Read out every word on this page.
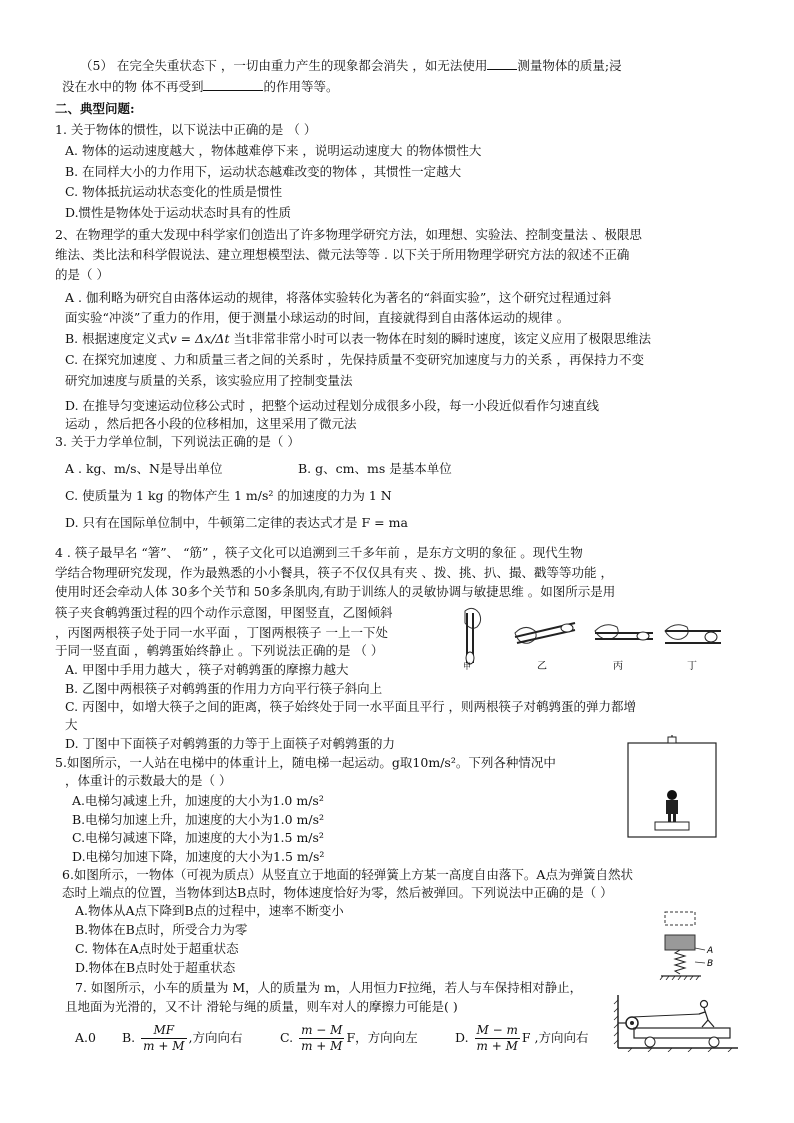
（5） 在完全失重状态下 ，一切由重力产生的现象都会消失 ，如无法使用 测量物体的质量;浸
没在水中的物 体不再受到	的作用等等。
二、典型问题:
1. 关于物体的惯性，以下说法中正确的是 （ ）
A. 物体的运动速度越大 ，物体越难停下来 ，说明运动速度大 的物体惯性大
B. 在同样大小的力作用下，运动状态越难改变的物体 ，其惯性一定越大
C. 物体抵抗运动状态变化的性质是惯性
D.惯性是物体处于运动状态时具有的性质
2、在物理学的重大发现中科学家们创造出了许多物理学研究方法，如理想、实验法、控制变量法 、极限思
维法、类比法和科学假说法、建立理想模型法、微元法等等 . 以下关于所用物理学研究方法的叙述不正确
的是（ ）
A . 伽利略为研究自由落体运动的规律，将落体实验转化为著名的“斜面实验”，这个研究过程通过斜
面实验“冲淡”了重力的作用，便于测量小球运动的时间，直接就得到自由落体运动的规律 。
B. 根据速度定义式v = Δx/Δt 当t非常非常小时可以表一物体在时刻的瞬时速度，该定义应用了极限思维法
C. 在探究加速度 、力和质量三者之间的关系时 ，先保持质量不变研究加速度与力的关系 ，再保持力不变
研究加速度与质量的关系，该实验应用了控制变量法
D. 在推导匀变速运动位移公式时 ，把整个运动过程划分成很多小段，每一小段近似看作匀速直线
运动 ，然后把各小段的位移相加，这里采用了微元法
3. 关于力学单位制，下列说法正确的是（ ）
A . kg、m/s、N是导出单位	B. g、cm、ms 是基本单位
C. 使质量为 1 kg 的物体产生 1 m/s² 的加速度的力为 1 N
D. 只有在国际单位制中，牛顿第二定律的表达式才是 F = ma
4 . 筷子最早名 “箸”、 “筋” ，筷子文化可以追溯到三千多年前 ，是东方文明的象征 。现代生物
学结合物理研究发现，作为最熟悉的小小餐具，筷子不仅仅具有夹 、拨、挑、扒、撮、戳等等功能 ，
使用时还会牵动人体 30多个关节和 50多条肌肉,有助于训练人的灵敏协调与敏捷思维 。如图所示是用
筷子夹食鹌鹑蛋过程的四个动作示意图，甲图竖直，乙图倾斜
，丙图两根筷子处于同一水平面 ，丁图两根筷子 一上一下处
于同一竖直面 ，鹌鹑蛋始终静止 。下列说法正确的是 （ ）
A. 甲图中手用力越大 ，筷子对鹌鹑蛋的摩擦力越大
B. 乙图中两根筷子对鹌鹑蛋的作用力方向平行筷子斜向上
C. 丙图中，如增大筷子之间的距离，筷子始终处于同一水平面且平行 ，则两根筷子对鹌鹑蛋的弹力都增
大
D. 丁图中下面筷子对鹌鹑蛋的力等于上面筷子对鹌鹑蛋的力
甲	乙	丙	丁
5.如图所示，一人站在电梯中的体重计上，随电梯一起运动。g取10m/s²。下列各种情况中
，体重计的示数最大的是（ ）
A.电梯匀减速上升，加速度的大小为1.0 m/s²
B.电梯匀加速上升，加速度的大小为1.0 m/s²
C.电梯匀减速下降，加速度的大小为1.5 m/s²
D.电梯匀加速下降，加速度的大小为1.5 m/s²
6.如图所示，一物体（可视为质点）从竖直立于地面的轻弹簧上方某一高度自由落下。A点为弹簧自然状
态时上端点的位置，当物体到达B点时，物体速度恰好为零，然后被弹回。下列说法中正确的是（ ）
A.物体从A点下降到B点的过程中，速率不断变小
B.物体在B点时，所受合力为零
C. 物体在A点时处于超重状态
D.物体在B点时处于超重状态
A
B
7. 如图所示，小车的质量为 M，人的质量为 m，人用恒力F拉绳，若人与车保持相对静止，
且地面为光滑的，又不计 滑轮与绳的质量，则车对人的摩擦力可能是( )
A.0 B. $\frac{MF}{m + M}$ ,方向向右	C. $\frac{m - M}{m + M}$ F，方向向左	D. $\frac{M - m}{m + M}$ F ,方向向右
